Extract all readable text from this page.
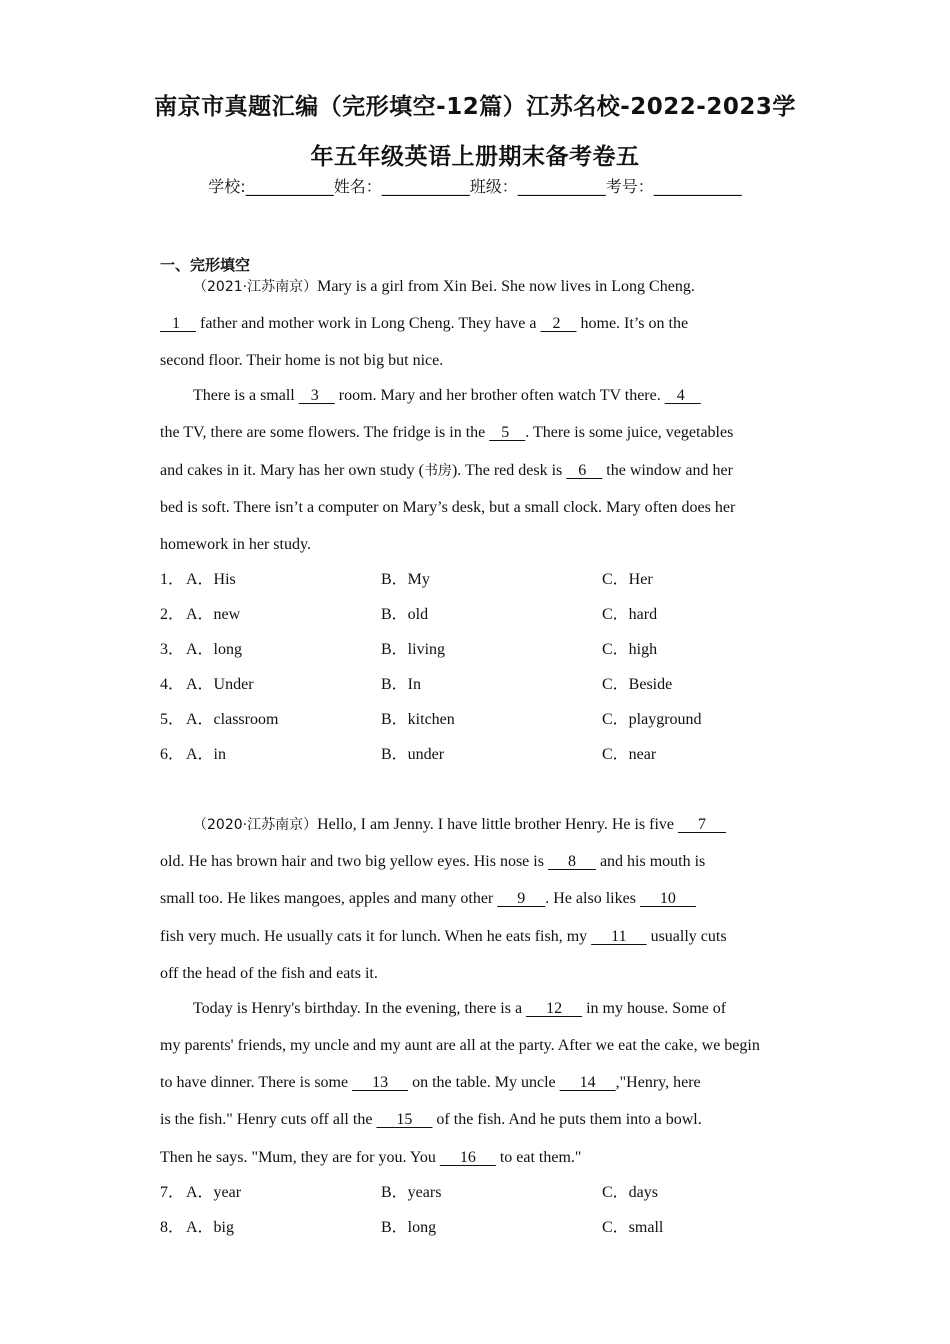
南京市真题汇编（完形填空-12篇）江苏名校-2022-2023学
年五年级英语上册期末备考卷五
学校:___________姓名：___________班级：___________考号：___________
一、完形填空
（2021·江苏南京）Mary is a girl from Xin Bei. She now lives in Long Cheng.
1     father and mother work in Long Cheng. They have a    2     home. It’s on the
second floor. Their home is not big but nice.
There is a small    3     room. Mary and her brother often watch TV there.    4
the TV, there are some flowers. The fridge is in the    5    . There is some juice, vegetables
and cakes in it. Mary has her own study (书房). The red desk is    6     the window and her
bed is soft. There isn’t a computer on Mary’s desk, but a small clock. Mary often does her
homework in her study.
1． A．His	B．My	C．Her
2． A．new	B．old	C．hard
3． A．long	B．living	C．high
4． A．Under	B．In	C．Beside
5． A．classroom	B．kitchen	C．playground
6． A．in	B．under	C．near
（2020·江苏南京）Hello, I am Jenny. I have little brother Henry. He is five      7
old. He has brown hair and two big yellow eyes. His nose is      8      and his mouth is
small too. He likes mangoes, apples and many other      9     . He also likes      10
fish very much. He usually cats it for lunch. When he eats fish, my      11      usually cuts
off the head of the fish and eats it.
Today is Henry's birthday. In the evening, there is a      12      in my house. Some of
my parents' friends, my uncle and my aunt are all at the party. After we eat the cake, we begin
to have dinner. There is some      13      on the table. My uncle      14     ,"Henry, here
is the fish." Henry cuts off all the      15      of the fish. And he puts them into a bowl.
Then he says. "Mum, they are for you. You      16      to eat them."
7． A．year	B．years	C．days
8． A．big	B．long	C．small
